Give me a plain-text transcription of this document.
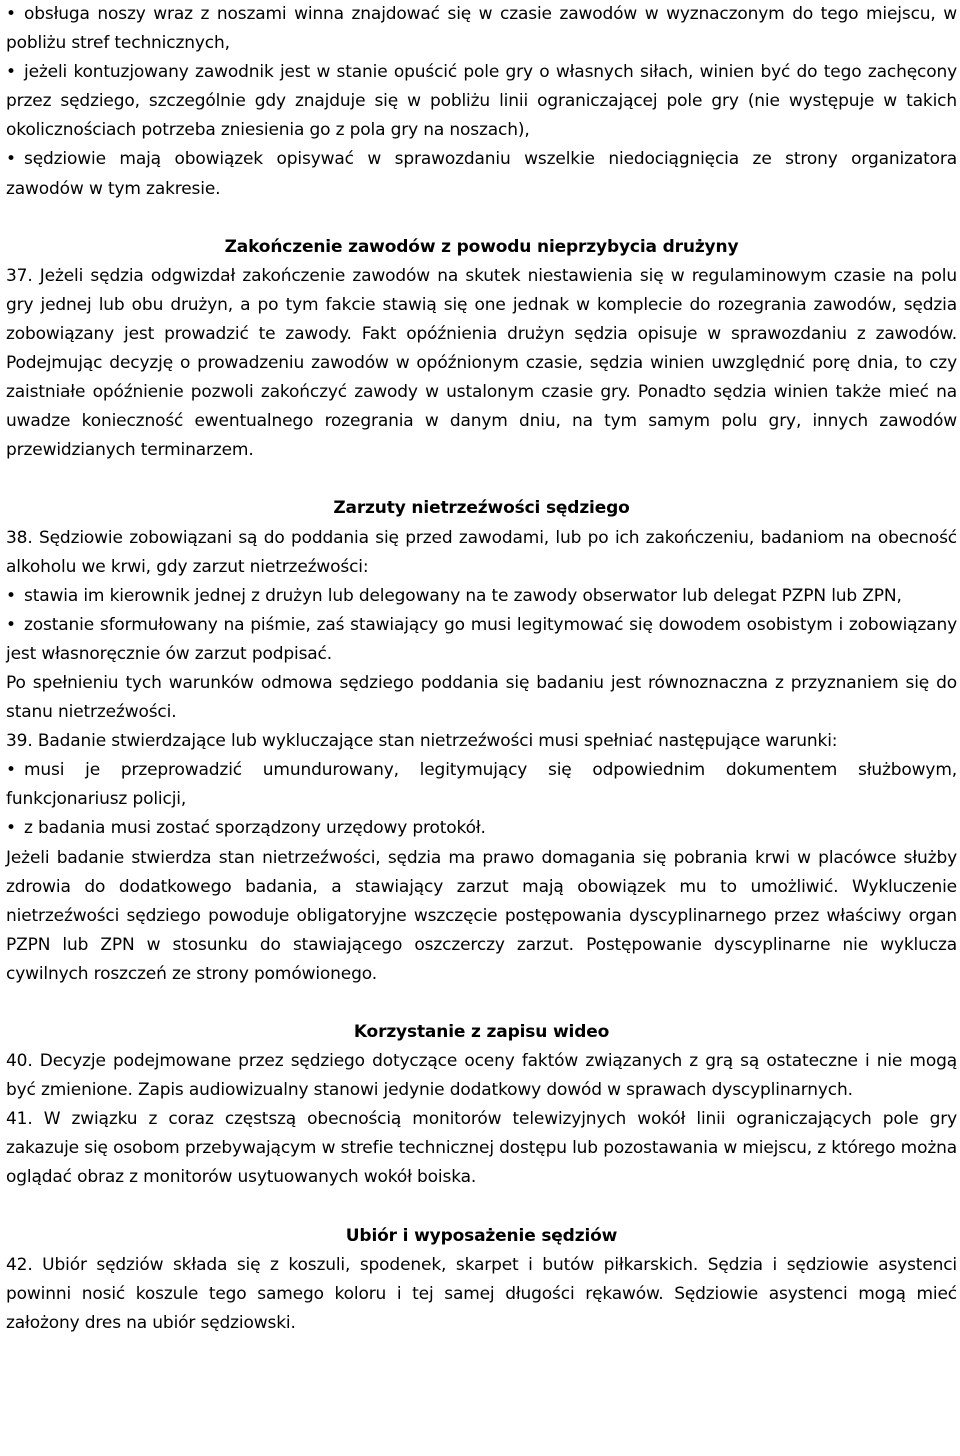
• obsługa noszy wraz z noszami winna znajdować się w czasie zawodów w wyznaczonym do tego miejscu, w pobliżu stref technicznych,

• jeżeli kontuzjowany zawodnik jest w stanie opuścić pole gry o własnych siłach, winien być do tego zachęcony przez sędziego, szczególnie gdy znajduje się w pobliżu linii ograniczającej pole gry (nie występuje w takich okolicznościach potrzeba zniesienia go z pola gry na noszach),

• sędziowie mają obowiązek opisywać w sprawozdaniu wszelkie niedociągnięcia ze strony organizatora zawodów w tym zakresie.

Zakończenie zawodów z powodu nieprzybycia drużyny

37. Jeżeli sędzia odgwizdał zakończenie zawodów na skutek niestawienia się w regulaminowym czasie na polu gry jednej lub obu drużyn, a po tym fakcie stawią się one jednak w komplecie do rozegrania zawodów, sędzia zobowiązany jest prowadzić te zawody. Fakt opóźnienia drużyn sędzia opisuje w sprawozdaniu z zawodów. Podejmując decyzję o prowadzeniu zawodów w opóźnionym czasie, sędzia winien uwzględnić porę dnia, to czy zaistniałe opóźnienie pozwoli zakończyć zawody w ustalonym czasie gry. Ponadto sędzia winien także mieć na uwadze konieczność ewentualnego rozegrania w danym dniu, na tym samym polu gry, innych zawodów przewidzianych terminarzem.

Zarzuty nietrzeźwości sędziego

38. Sędziowie zobowiązani są do poddania się przed zawodami, lub po ich zakończeniu, badaniom na obecność alkoholu we krwi, gdy zarzut nietrzeźwości:

• stawia im kierownik jednej z drużyn lub delegowany na te zawody obserwator lub delegat PZPN lub ZPN,

• zostanie sformułowany na piśmie, zaś stawiający go musi legitymować się dowodem osobistym i zobowiązany jest własnoręcznie ów zarzut podpisać.

Po spełnieniu tych warunków odmowa sędziego poddania się badaniu jest równoznaczna z przyznaniem się do stanu nietrzeźwości.

39. Badanie stwierdzające lub wykluczające stan nietrzeźwości musi spełniać następujące warunki:

• musi je przeprowadzić umundurowany, legitymujący się odpowiednim dokumentem służbowym, funkcjonariusz policji,

• z badania musi zostać sporządzony urzędowy protokół.

Jeżeli badanie stwierdza stan nietrzeźwości, sędzia ma prawo domagania się pobrania krwi w placówce służby zdrowia do dodatkowego badania, a stawiający zarzut mają obowiązek mu to umożliwić. Wykluczenie nietrzeźwości sędziego powoduje obligatoryjne wszczęcie postępowania dyscyplinarnego przez właściwy organ PZPN lub ZPN w stosunku do stawiającego oszczerczy zarzut. Postępowanie dyscyplinarne nie wyklucza cywilnych roszczeń ze strony pomówionego.

Korzystanie z zapisu wideo

40. Decyzje podejmowane przez sędziego dotyczące oceny faktów związanych z grą są ostateczne i nie mogą być zmienione. Zapis audiowizualny stanowi jedynie dodatkowy dowód w sprawach dyscyplinarnych.

41. W związku z coraz częstszą obecnością monitorów telewizyjnych wokół linii ograniczających pole gry zakazuje się osobom przebywającym w strefie technicznej dostępu lub pozostawania w miejscu, z którego można oglądać obraz z monitorów usytuowanych wokół boiska.

Ubiór i wyposażenie sędziów

42. Ubiór sędziów składa się z koszuli, spodenek, skarpet i butów piłkarskich. Sędzia i sędziowie asystenci powinni nosić koszule tego samego koloru i tej samej długości rękawów. Sędziowie asystenci mogą mieć założony dres na ubiór sędziowski.
